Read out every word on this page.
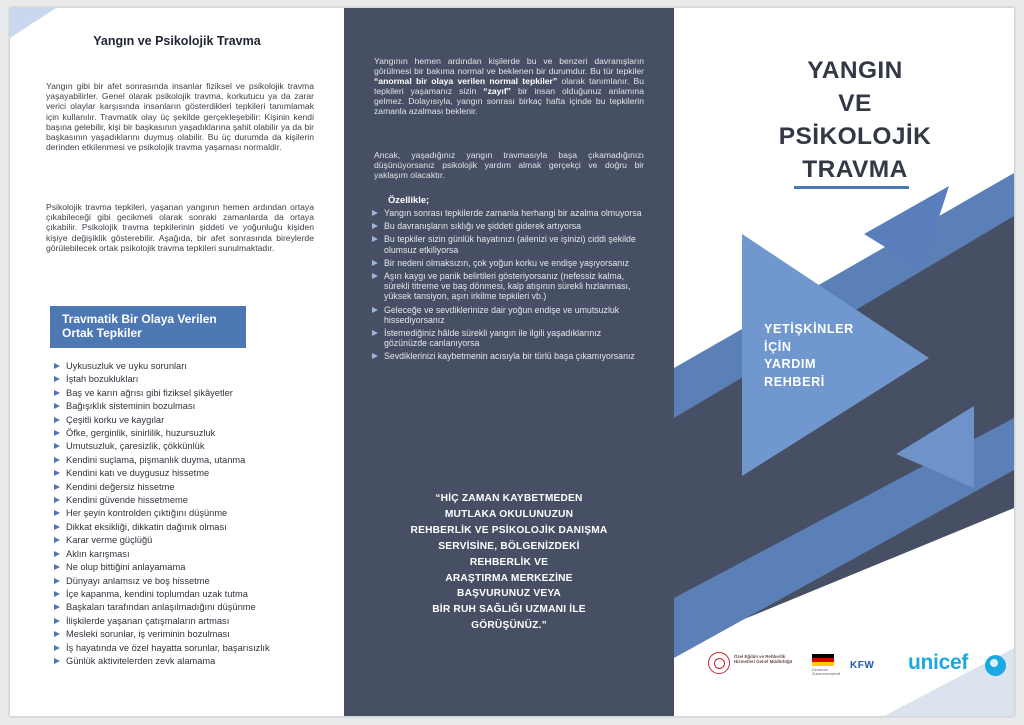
Yangın ve Psikolojik Travma

Yangın gibi bir afet sonrasında insanlar fiziksel ve psikolojik travma yaşayabilirler. Genel olarak psikolojik travma, korkutucu ya da zarar verici olaylar karşısında insanların gösterdikleri tepkileri tanımlamak için kullanılır. Travmatik olay üç şekilde gerçekleşebilir: Kişinin kendi başına gelebilir, kişi bir başkasının yaşadıklarına şahit olabilir ya da bir başkasının yaşadıklarını duymuş olabilir. Bu üç durumda da kişilerin derinden etkilenmesi ve psikolojik travma yaşaması normaldir.

Psikolojik travma tepkileri, yaşanan yangının hemen ardından ortaya çıkabileceği gibi gecikmeli olarak sonraki zamanlarda da ortaya çıkabilir. Psikolojik travma tepkilerinin şiddeti ve yoğunluğu kişiden kişiye değişiklik gösterebilir. Aşağıda, bir afet sonrasında bireylerde görülebilecek ortak psikolojik travma tepkileri sunulmaktadır.

Travmatik Bir Olaya Verilen
Ortak Tepkiler
Uykusuzluk ve uyku sorunları
İştah bozuklukları
Baş ve karın ağrısı gibi fiziksel şikâyetler
Bağışıklık sisteminin bozulması
Çeşitli korku ve kaygılar
Öfke, gerginlik, sinirlilik, huzursuzluk
Umutsuzluk, çaresizlik, çökkünlük
Kendini suçlama, pişmanlık duyma, utanma
Kendini katı ve duygusuz hissetme
Kendini değersiz hissetme
Kendini güvende hissetmeme
Her şeyin kontrolden çıktığını düşünme
Dikkat eksikliği, dikkatin dağınık olması
Karar verme güçlüğü
Aklın karışması
Ne olup bittiğini anlayamama
Dünyayı anlamsız ve boş hissetme
İçe kapanma, kendini toplumdan uzak tutma
Başkaları tarafından anlaşılmadığını düşünme
İlişkilerde yaşanan çatışmaların artması
Mesleki sorunlar, iş veriminin bozulması
İş hayatında ve özel hayatta sorunlar, başarısızlık
Günlük aktivitelerden zevk alamama

Yangının hemen ardından kişilerde bu ve benzeri davranışların görülmesi bir bakıma normal ve beklenen bir durumdur. Bu tür tepkiler “anormal bir olaya verilen normal tepkiler” olarak tanımlanır. Bu tepkileri yaşamanız sizin “zayıf” bir insan olduğunuz anlamına gelmez. Dolayısıyla, yangın sonrası birkaç hafta içinde bu tepkilerin zamanla azalması beklenir.

Ancak, yaşadığınız yangın travmasıyla başa çıkamadığınızı düşünüyorsanız psikolojik yardım almak gerçekçi ve doğru bir yaklaşım olacaktır.

Özellikle;
Yangın sonrası tepkilerde zamanla herhangi bir azalma olmuyorsa
Bu davranışların sıklığı ve şiddeti giderek artıyorsa
Bu tepkiler sizin günlük hayatınızı (ailenizi ve işinizi) ciddi şekilde olumsuz etkiliyorsa
Bir nedeni olmaksızın, çok yoğun korku ve endişe yaşıyorsanız
Aşırı kaygı ve panik belirtileri gösteriyorsanız (nefessiz kalma, sürekli titreme ve baş dönmesi, kalp atışının sürekli hızlanması, yüksek tansiyon, aşırı irkilme tepkileri vb.)
Geleceğe ve sevdiklerinize dair yoğun endişe ve umutsuzluk hissediyorsanız
İstemediğiniz hâlde sürekli yangın ile ilgili yaşadıklarınız gözünüzde canlanıyorsa
Sevdiklerinizi kaybetmenin acısıyla bir türlü başa çıkamıyorsanız
“HİÇ ZAMAN KAYBETMEDEN
MUTLAKA OKULUNUZUN
REHBERLİK VE PSİKOLOJİK DANIŞMA
SERVİSİNE, BÖLGENİZDEKİ
REHBERLİK VE
ARAŞTIRMA MERKEZİNE
BAŞVURUNUZ VEYA
BİR RUH SAĞLIĞI UZMANI İLE
GÖRÜŞÜNÜZ.”
YANGIN
VE
PSİKOLOJİK
TRAVMA
YETİŞKİNLER
İÇİN
YARDIM
REHBERİ
Özel Eğitim ve Rehberlik Hizmetleri Genel Müdürlüğü
Deutsche Zusammenarbeit
KFW unicef
